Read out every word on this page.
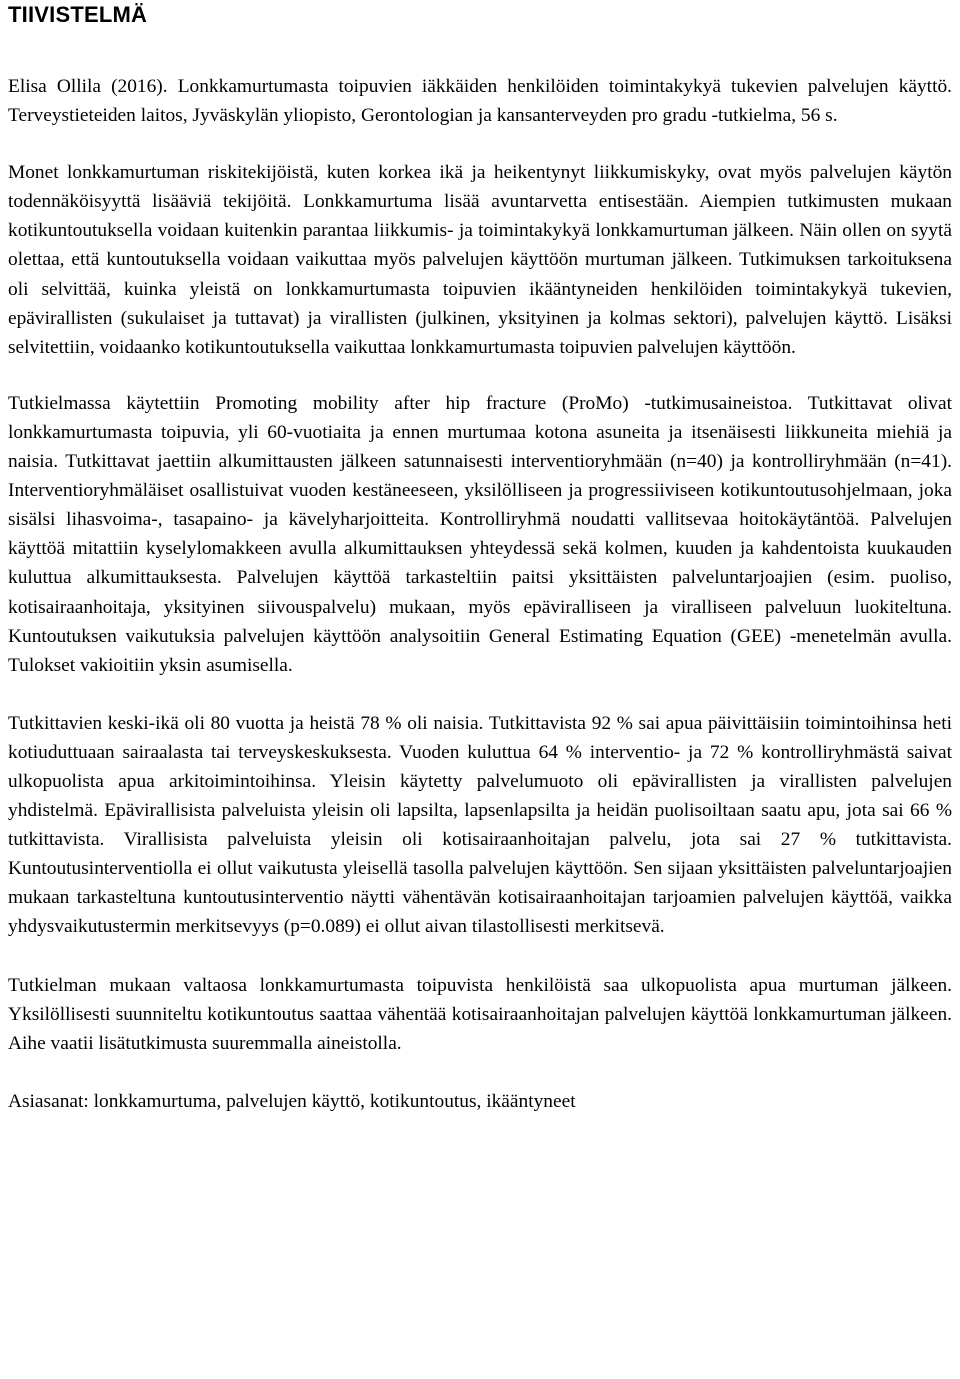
TIIVISTELMÄ

Elisa Ollila (2016). Lonkkamurtumasta toipuvien iäkkäiden henkilöiden toimintakykyä tukevien palvelujen käyttö. Terveystieteiden laitos, Jyväskylän yliopisto, Gerontologian ja kansanterveyden pro gradu -tutkielma, 56 s.

Monet lonkkamurtuman riskitekijöistä, kuten korkea ikä ja heikentynyt liikkumiskyky, ovat myös palvelujen käytön todennäköisyyttä lisääviä tekijöitä. Lonkkamurtuma lisää avuntarvetta entisestään. Aiempien tutkimusten mukaan kotikuntoutuksella voidaan kuitenkin parantaa liikkumis- ja toimintakykyä lonkkamurtuman jälkeen. Näin ollen on syytä olettaa, että kuntoutuksella voidaan vaikuttaa myös palvelujen käyttöön murtuman jälkeen. Tutkimuksen tarkoituksena oli selvittää, kuinka yleistä on lonkkamurtumasta toipuvien ikääntyneiden henkilöiden toimintakykyä tukevien, epävirallisten (sukulaiset ja tuttavat) ja virallisten (julkinen, yksityinen ja kolmas sektori), palvelujen käyttö. Lisäksi selvitettiin, voidaanko kotikuntoutuksella vaikuttaa lonkkamurtumasta toipuvien palvelujen käyttöön.

Tutkielmassa käytettiin Promoting mobility after hip fracture (ProMo) -tutkimusaineistoa. Tutkittavat olivat lonkkamurtumasta toipuvia, yli 60-vuotiaita ja ennen murtumaa kotona asuneita ja itsenäisesti liikkuneita miehiä ja naisia. Tutkittavat jaettiin alkumittausten jälkeen satunnaisesti interventioryhmään (n=40) ja kontrolliryhmään (n=41). Interventioryhmäläiset osallistuivat vuoden kestäneeseen, yksilölliseen ja progressiiviseen kotikuntoutusohjelmaan, joka sisälsi lihasvoima-, tasapaino- ja kävelyharjoitteita. Kontrolliryhmä noudatti vallitsevaa hoitokäytäntöä. Palvelujen käyttöä mitattiin kyselylomakkeen avulla alkumittauksen yhteydessä sekä kolmen, kuuden ja kahdentoista kuukauden kuluttua alkumittauksesta. Palvelujen käyttöä tarkasteltiin paitsi yksittäisten palveluntarjoajien (esim. puoliso, kotisairaanhoitaja, yksityinen siivouspalvelu) mukaan, myös epäviralliseen ja viralliseen palveluun luokiteltuna. Kuntoutuksen vaikutuksia palvelujen käyttöön analysoitiin General Estimating Equation (GEE) -menetelmän avulla. Tulokset vakioitiin yksin asumisella.

Tutkittavien keski-ikä oli 80 vuotta ja heistä 78 % oli naisia. Tutkittavista 92 % sai apua päivittäisiin toimintoihinsa heti kotiuduttuaan sairaalasta tai terveyskeskuksesta. Vuoden kuluttua 64 % interventio- ja 72 % kontrolliryhmästä saivat ulkopuolista apua arkitoimintoihinsa. Yleisin käytetty palvelumuoto oli epävirallisten ja virallisten palvelujen yhdistelmä. Epävirallisista palveluista yleisin oli lapsilta, lapsenlapsilta ja heidän puolisoiltaan saatu apu, jota sai 66 % tutkittavista. Virallisista palveluista yleisin oli kotisairaanhoitajan palvelu, jota sai 27 % tutkittavista. Kuntoutusinterventiolla ei ollut vaikutusta yleisellä tasolla palvelujen käyttöön. Sen sijaan yksittäisten palveluntarjoajien mukaan tarkasteltuna kuntoutusinterventio näytti vähentävän kotisairaanhoitajan tarjoamien palvelujen käyttöä, vaikka yhdysvaikutustermin merkitsevyys (p=0.089) ei ollut aivan tilastollisesti merkitsevä.

Tutkielman mukaan valtaosa lonkkamurtumasta toipuvista henkilöistä saa ulkopuolista apua murtuman jälkeen. Yksilöllisesti suunniteltu kotikuntoutus saattaa vähentää kotisairaanhoitajan palvelujen käyttöä lonkkamurtuman jälkeen. Aihe vaatii lisätutkimusta suuremmalla aineistolla.

Asiasanat: lonkkamurtuma, palvelujen käyttö, kotikuntoutus, ikääntyneet
